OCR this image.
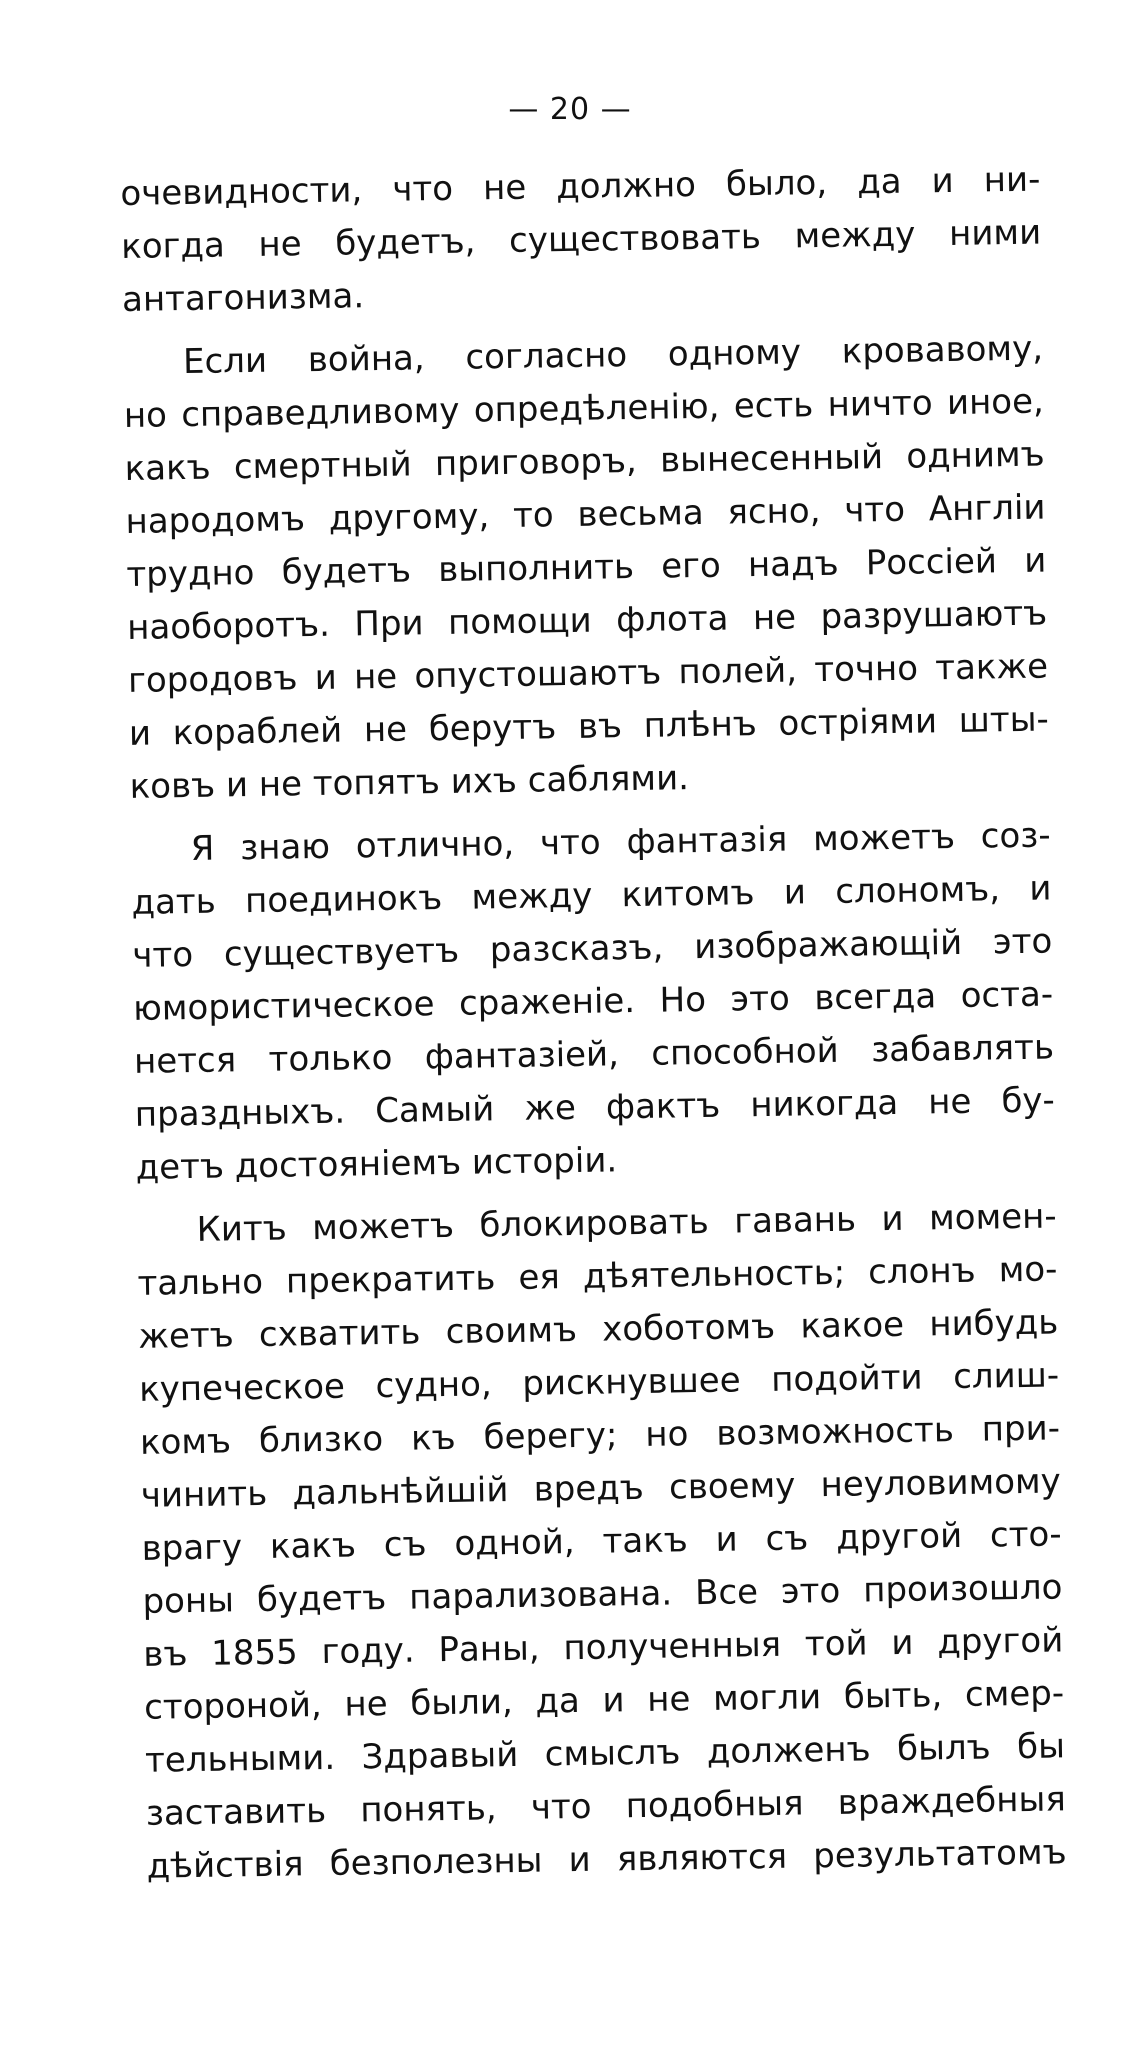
— 20 —
очевидности, что не должно было, да и ни-
когда не будетъ, существовать между ними
антагонизма.
Если война, согласно одному кровавому,
но справедливому опредѣленію, есть ничто иное,
какъ смертный приговоръ, вынесенный однимъ
народомъ другому, то весьма ясно, что Англіи
трудно будетъ выполнить его надъ Россіей и
наоборотъ. При помощи флота не разрушаютъ
городовъ и не опустошаютъ полей, точно также
и кораблей не берутъ въ плѣнъ остріями шты-
ковъ и не топятъ ихъ саблями.
Я знаю отлично, что фантазія можетъ соз-
дать поединокъ между китомъ и слономъ, и
что существуетъ разсказъ, изображающій это
юмористическое сраженіе. Но это всегда оста-
нется только фантазіей, способной забавлять
праздныхъ. Самый же фактъ никогда не бу-
детъ достояніемъ исторіи.
Китъ можетъ блокировать гавань и момен-
тально прекратить ея дѣятельность; слонъ мо-
жетъ схватить своимъ хоботомъ какое нибудь
купеческое судно, рискнувшее подойти слиш-
комъ близко къ берегу; но возможность при-
чинить дальнѣйшій вредъ своему неуловимому
врагу какъ съ одной, такъ и съ другой сто-
роны будетъ парализована. Все это произошло
въ 1855 году. Раны, полученныя той и другой
стороной, не были, да и не могли быть, смер-
тельными. Здравый смыслъ долженъ былъ бы
заставить понять, что подобныя враждебныя
дѣйствія безполезны и являются результатомъ
